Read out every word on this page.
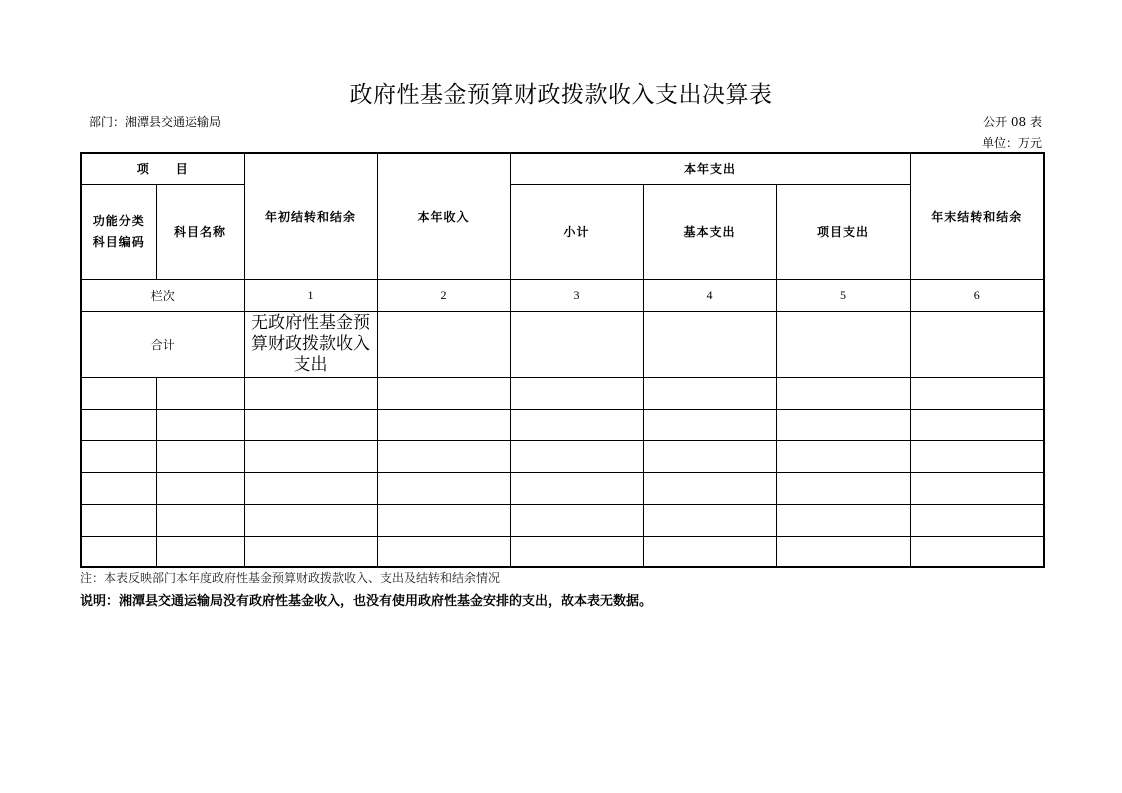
政府性基金预算财政拨款收入支出决算表
部门：湘潭县交通运输局	公开 08 表
单位：万元
项　　目		年初结转和结余	本年收入	本年支出			年末结转和结余
功能分类科目编码	科目名称			小计	基本支出	项目支出	
栏次		1	2	3	4	5	6
合计		无政府性基金预算财政拨款收入支出					

注：本表反映部门本年度政府性基金预算财政拨款收入、支出及结转和结余情况
说明：湘潭县交通运输局没有政府性基金收入，也没有使用政府性基金安排的支出，故本表无数据。
